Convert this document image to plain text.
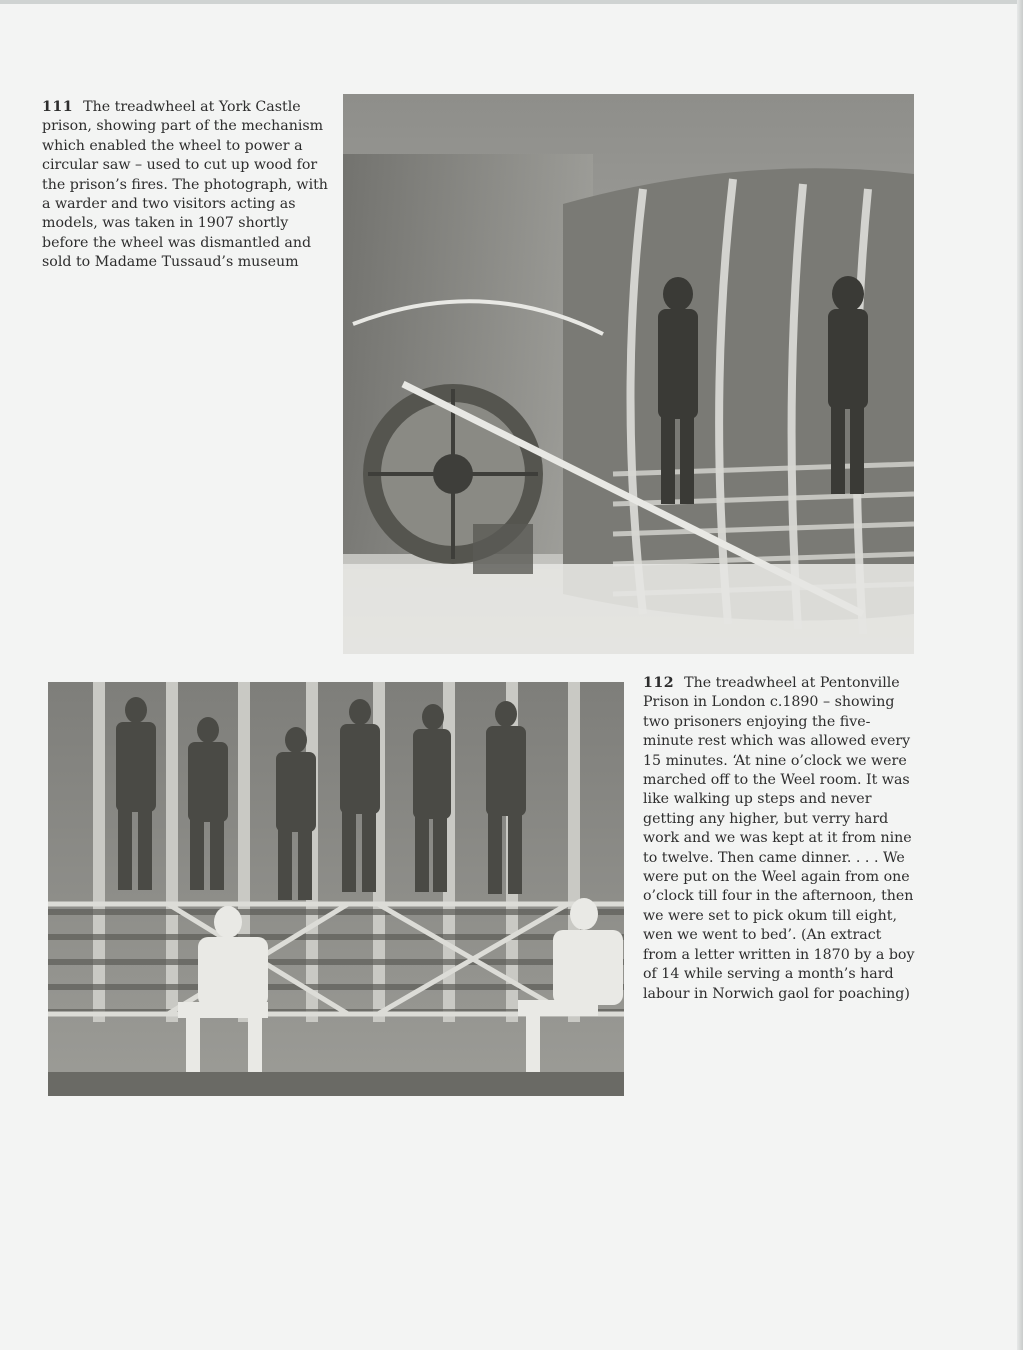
111 The treadwheel at York Castle prison, showing part of the mechanism which enabled the wheel to power a circular saw – used to cut up wood for the prison’s fires. The photograph, with a warder and two visitors acting as models, was taken in 1907 shortly before the wheel was dismantled and sold to Madame Tussaud’s museum

112 The treadwheel at Pentonville Prison in London c.1890 – showing two prisoners enjoying the five-minute rest which was allowed every 15 minutes. ‘At nine o’clock we were marched off to the Weel room. It was like walking up steps and never getting any higher, but verry hard work and we was kept at it from nine to twelve. Then came dinner. . . . We were put on the Weel again from one o’clock till four in the afternoon, then we were set to pick okum till eight, wen we went to bed’. (An extract from a letter written in 1870 by a boy of 14 while serving a month’s hard labour in Norwich gaol for poaching)
